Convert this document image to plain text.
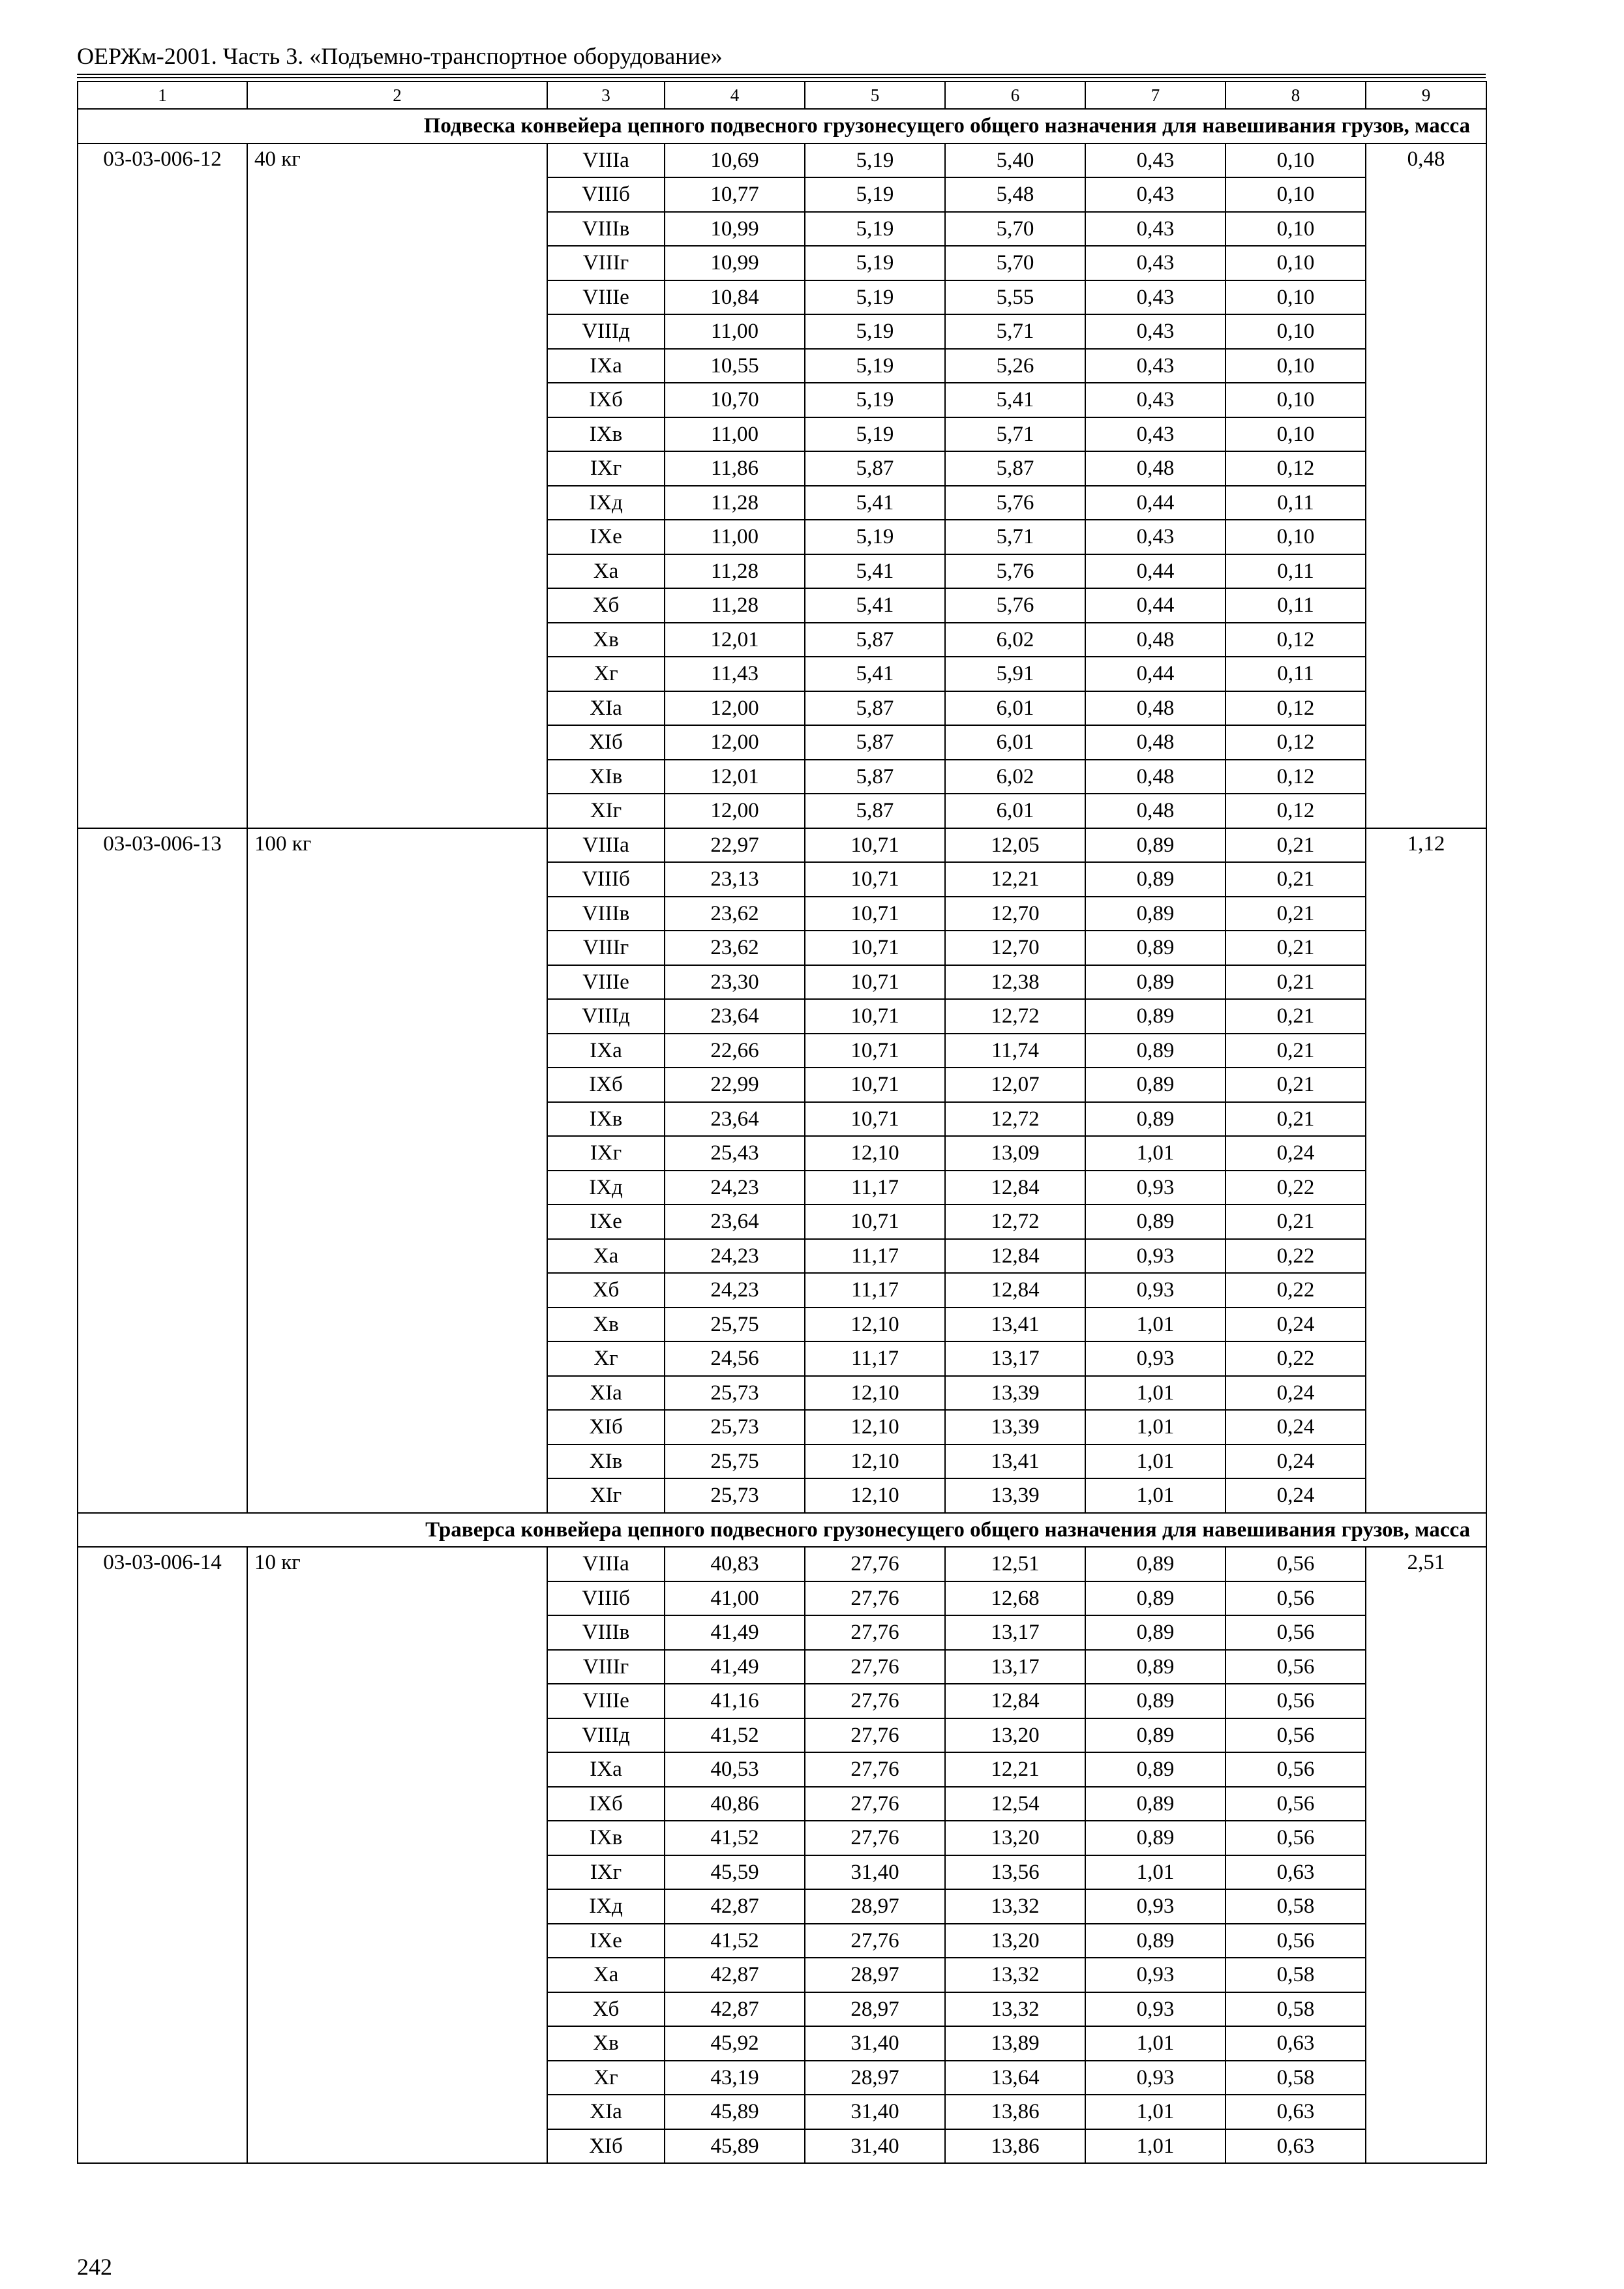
ОЕРЖм-2001. Часть 3. «Подъемно-транспортное оборудование»
1	2	3	4	5	6	7	8	9
Подвеска конвейера цепного подвесного грузонесущего общего назначения для навешивания грузов, масса								
03-03-006-12	40 кг	VIIIа	10,69	5,19	5,40	0,43	0,10	0,48
		VIIIб	10,77	5,19	5,48	0,43	0,10	
		VIIIв	10,99	5,19	5,70	0,43	0,10	
		VIIIг	10,99	5,19	5,70	0,43	0,10	
		VIIIе	10,84	5,19	5,55	0,43	0,10	
		VIIIд	11,00	5,19	5,71	0,43	0,10	
		IXа	10,55	5,19	5,26	0,43	0,10	
		IXб	10,70	5,19	5,41	0,43	0,10	
		IXв	11,00	5,19	5,71	0,43	0,10	
		IXг	11,86	5,87	5,87	0,48	0,12	
		IXд	11,28	5,41	5,76	0,44	0,11	
		IXе	11,00	5,19	5,71	0,43	0,10	
		Xа	11,28	5,41	5,76	0,44	0,11	
		Xб	11,28	5,41	5,76	0,44	0,11	
		Xв	12,01	5,87	6,02	0,48	0,12	
		Xг	11,43	5,41	5,91	0,44	0,11	
		XIа	12,00	5,87	6,01	0,48	0,12	
		XIб	12,00	5,87	6,01	0,48	0,12	
		XIв	12,01	5,87	6,02	0,48	0,12	
		XIг	12,00	5,87	6,01	0,48	0,12	
03-03-006-13	100 кг	VIIIа	22,97	10,71	12,05	0,89	0,21	1,12
		VIIIб	23,13	10,71	12,21	0,89	0,21	
		VIIIв	23,62	10,71	12,70	0,89	0,21	
		VIIIг	23,62	10,71	12,70	0,89	0,21	
		VIIIе	23,30	10,71	12,38	0,89	0,21	
		VIIIд	23,64	10,71	12,72	0,89	0,21	
		IXа	22,66	10,71	11,74	0,89	0,21	
		IXб	22,99	10,71	12,07	0,89	0,21	
		IXв	23,64	10,71	12,72	0,89	0,21	
		IXг	25,43	12,10	13,09	1,01	0,24	
		IXд	24,23	11,17	12,84	0,93	0,22	
		IXе	23,64	10,71	12,72	0,89	0,21	
		Xа	24,23	11,17	12,84	0,93	0,22	
		Xб	24,23	11,17	12,84	0,93	0,22	
		Xв	25,75	12,10	13,41	1,01	0,24	
		Xг	24,56	11,17	13,17	0,93	0,22	
		XIа	25,73	12,10	13,39	1,01	0,24	
		XIб	25,73	12,10	13,39	1,01	0,24	
		XIв	25,75	12,10	13,41	1,01	0,24	
		XIг	25,73	12,10	13,39	1,01	0,24	
Траверса конвейера цепного подвесного грузонесущего общего назначения для навешивания грузов, масса								
03-03-006-14	10 кг	VIIIа	40,83	27,76	12,51	0,89	0,56	2,51
		VIIIб	41,00	27,76	12,68	0,89	0,56	
		VIIIв	41,49	27,76	13,17	0,89	0,56	
		VIIIг	41,49	27,76	13,17	0,89	0,56	
		VIIIе	41,16	27,76	12,84	0,89	0,56	
		VIIIд	41,52	27,76	13,20	0,89	0,56	
		IXа	40,53	27,76	12,21	0,89	0,56	
		IXб	40,86	27,76	12,54	0,89	0,56	
		IXв	41,52	27,76	13,20	0,89	0,56	
		IXг	45,59	31,40	13,56	1,01	0,63	
		IXд	42,87	28,97	13,32	0,93	0,58	
		IXе	41,52	27,76	13,20	0,89	0,56	
		Xа	42,87	28,97	13,32	0,93	0,58	
		Xб	42,87	28,97	13,32	0,93	0,58	
		Xв	45,92	31,40	13,89	1,01	0,63	
		Xг	43,19	28,97	13,64	0,93	0,58	
		XIа	45,89	31,40	13,86	1,01	0,63	
		XIб	45,89	31,40	13,86	1,01	0,63	
242
